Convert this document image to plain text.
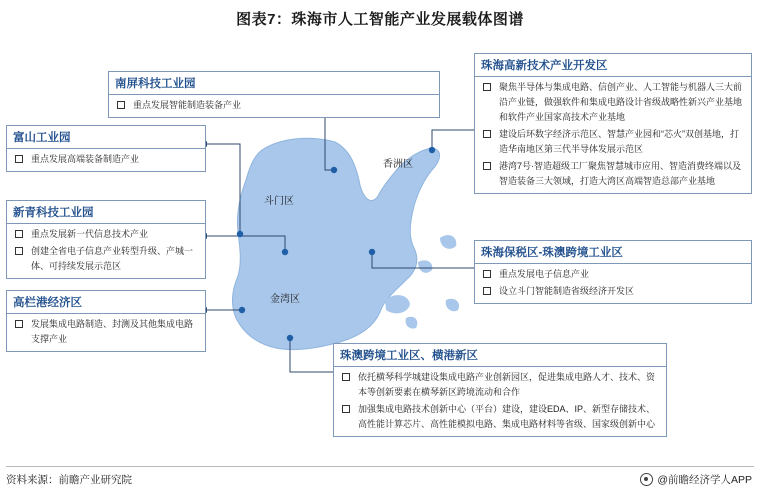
图表7：珠海市人工智能产业发展载体图谱
斗门区
香洲区
金湾区
南屏科技工业园
重点发展智能制造装备产业
富山工业园
重点发展高端装备制造产业
新青科技工业园
重点发展新一代信息技术产业
创建全省电子信息产业转型升级、产城一体、可持续发展示范区
高栏港经济区
发展集成电路制造、封测及其他集成电路支撑产业
珠海高新技术产业开发区
聚焦半导体与集成电路、信创产业、人工智能与机器人三大前沿产业链，做强软件和集成电路设计省级战略性新兴产业基地和软件产业国家高技术产业基地
建设后环数字经济示范区、智慧产业园和“芯火”双创基地，打造华南地区第三代半导体发展示范区
港湾7号·智造超级工厂聚焦智慧城市应用、智造消费终端以及智造装备三大领域，打造大湾区高端智造总部产业基地
珠海保税区-珠澳跨境工业区
重点发展电子信息产业
设立斗门智能制造省级经济开发区
珠澳跨境工业区、横港新区
依托横琴科学城建设集成电路产业创新园区，促进集成电路人才、技术、资本等创新要素在横琴新区跨境流动和合作
加强集成电路技术创新中心（平台）建设，建设EDA、IP、新型存储技术、高性能计算芯片、高性能模拟电路、集成电路材料等省级、国家级创新中心
资料来源：前瞻产业研究院	@前瞻经济学人APP
